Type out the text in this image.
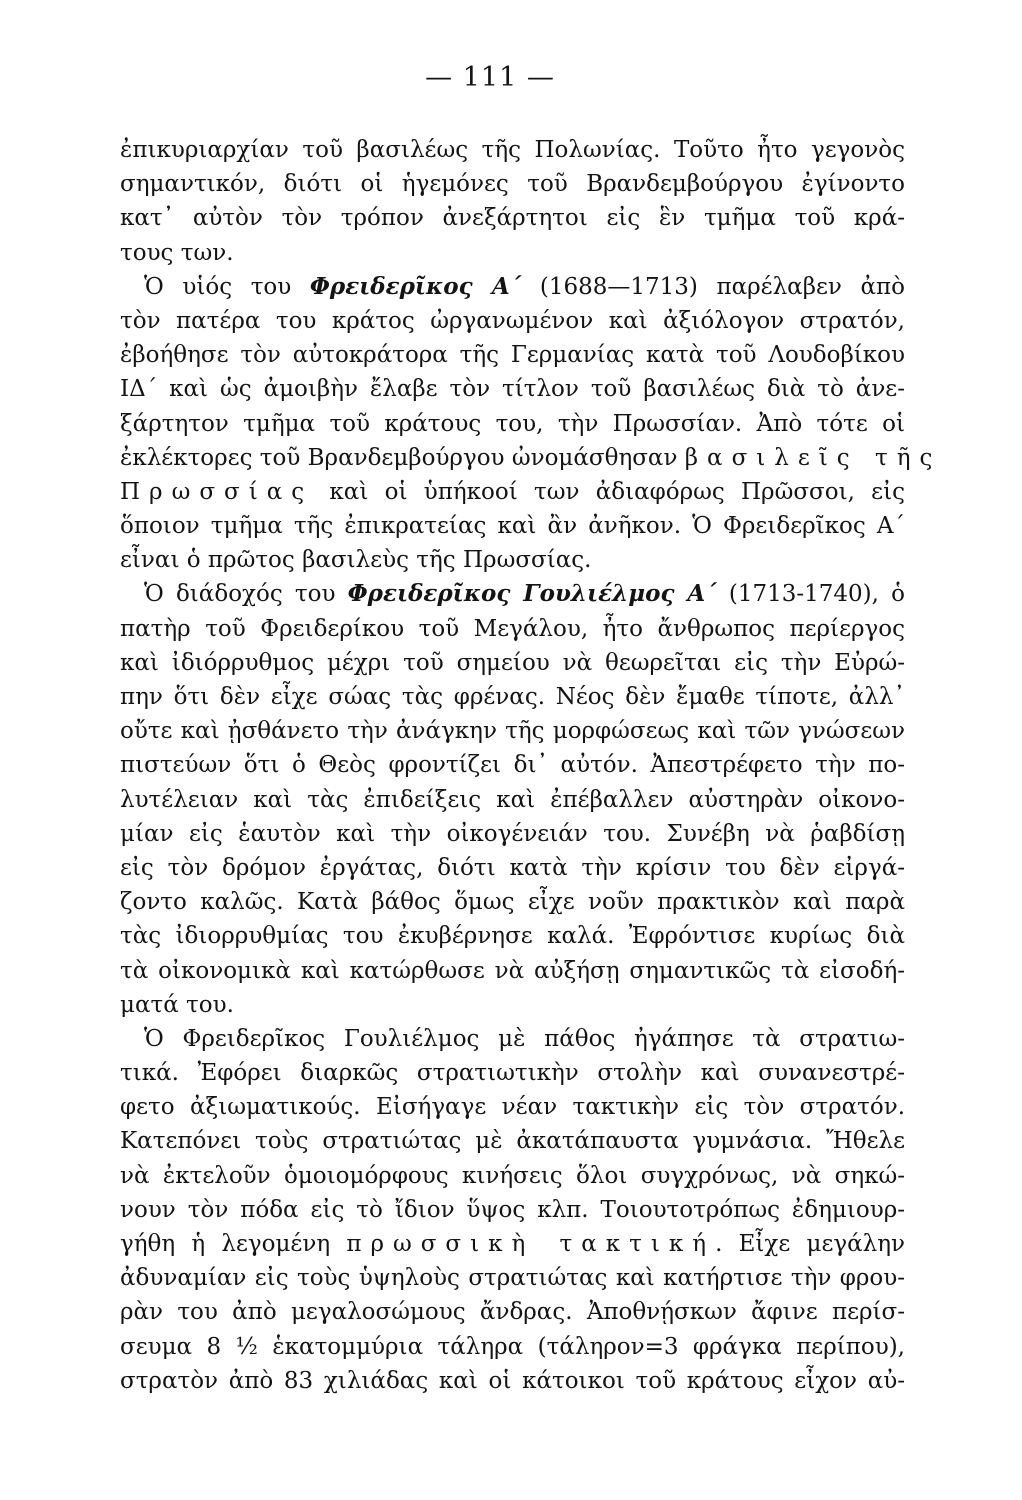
— 111 —
ἐπικυριαρχίαν τοῦ βασιλέως τῆς Πολωνίας. Τοῦτο ἦτο γεγονὸς
σημαντικόν, διότι οἱ ἡγεμόνες τοῦ Βρανδεμβούργου ἐγίνοντο
κατ᾿ αὐτὸν τὸν τρόπον ἀνεξάρτητοι εἰς ἓν τμῆμα τοῦ κρά-
τους των.
Ὁ υἱός του Φρειδερῖκος Α΄ (1688—1713) παρέλαβεν ἀπὸ
τὸν πατέρα του κράτος ὠργανωμένον καὶ ἀξιόλογον στρατόν,
ἐβοήθησε τὸν αὐτοκράτορα τῆς Γερμανίας κατὰ τοῦ Λουδοβίκου
ΙΔ΄ καὶ ὡς ἀμοιβὴν ἔλαβε τὸν τίτλον τοῦ βασιλέως διὰ τὸ ἀνε-
ξάρτητον τμῆμα τοῦ κράτους του, τὴν Πρωσσίαν. Ἀπὸ τότε οἱ
ἐκλέκτορες τοῦ Βρανδεμβούργου ὠνομάσθησαν βασιλεῖς τῆς
Πρωσσίας καὶ οἱ ὑπήκοοί των ἀδιαφόρως Πρῶσσοι, εἰς
ὅποιον τμῆμα τῆς ἐπικρατείας καὶ ἂν ἀνῆκον. Ὁ Φρειδερῖκος Α΄
εἶναι ὁ πρῶτος βασιλεὺς τῆς Πρωσσίας.
Ὁ διάδοχός του Φρειδερῖκος Γουλιέλμος Α΄ (1713-1740), ὁ
πατὴρ τοῦ Φρειδερίκου τοῦ Μεγάλου, ἦτο ἄνθρωπος περίεργος
καὶ ἰδιόρρυθμος μέχρι τοῦ σημείου νὰ θεωρεῖται εἰς τὴν Εὐρώ-
πην ὅτι δὲν εἶχε σώας τὰς φρένας. Νέος δὲν ἔμαθε τίποτε, ἀλλ᾿
οὔτε καὶ ᾐσθάνετο τὴν ἀνάγκην τῆς μορφώσεως καὶ τῶν γνώσεων
πιστεύων ὅτι ὁ Θεὸς φροντίζει δι᾿ αὐτόν. Ἀπεστρέφετο τὴν πο-
λυτέλειαν καὶ τὰς ἐπιδείξεις καὶ ἐπέβαλλεν αὐστηρὰν οἰκονο-
μίαν εἰς ἑαυτὸν καὶ τὴν οἰκογένειάν του. Συνέβη νὰ ῥαβδίσῃ
εἰς τὸν δρόμον ἐργάτας, διότι κατὰ τὴν κρίσιν του δὲν εἰργά-
ζοντο καλῶς. Κατὰ βάθος ὅμως εἶχε νοῦν πρακτικὸν καὶ παρὰ
τὰς ἰδιορρυθμίας του ἐκυβέρνησε καλά. Ἐφρόντισε κυρίως διὰ
τὰ οἰκονομικὰ καὶ κατώρθωσε νὰ αὐξήσῃ σημαντικῶς τὰ εἰσοδή-
ματά του.
Ὁ Φρειδερῖκος Γουλιέλμος μὲ πάθος ἠγάπησε τὰ στρατιω-
τικά. Ἐφόρει διαρκῶς στρατιωτικὴν στολὴν καὶ συνανεστρέ-
φετο ἀξιωματικούς. Εἰσήγαγε νέαν τακτικὴν εἰς τὸν στρατόν.
Κατεπόνει τοὺς στρατιώτας μὲ ἀκατάπαυστα γυμνάσια. Ἤθελε
νὰ ἐκτελοῦν ὁμοιομόρφους κινήσεις ὅλοι συγχρόνως, νὰ σηκώ-
νουν τὸν πόδα εἰς τὸ ἴδιον ὕψος κλπ. Τοιουτοτρόπως ἐδημιουρ-
γήθη ἡ λεγομένη πρωσσικὴ τακτική. Εἶχε μεγάλην
ἀδυναμίαν εἰς τοὺς ὑψηλοὺς στρατιώτας καὶ κατήρτισε τὴν φρου-
ρὰν του ἀπὸ μεγαλοσώμους ἄνδρας. Ἀποθνῄσκων ἄφινε περίσ-
σευμα 8 ½ ἑκατομμύρια τάληρα (τάληρον=3 φράγκα περίπου),
στρατὸν ἀπὸ 83 χιλιάδας καὶ οἱ κάτοικοι τοῦ κράτους εἶχον αὐ-
